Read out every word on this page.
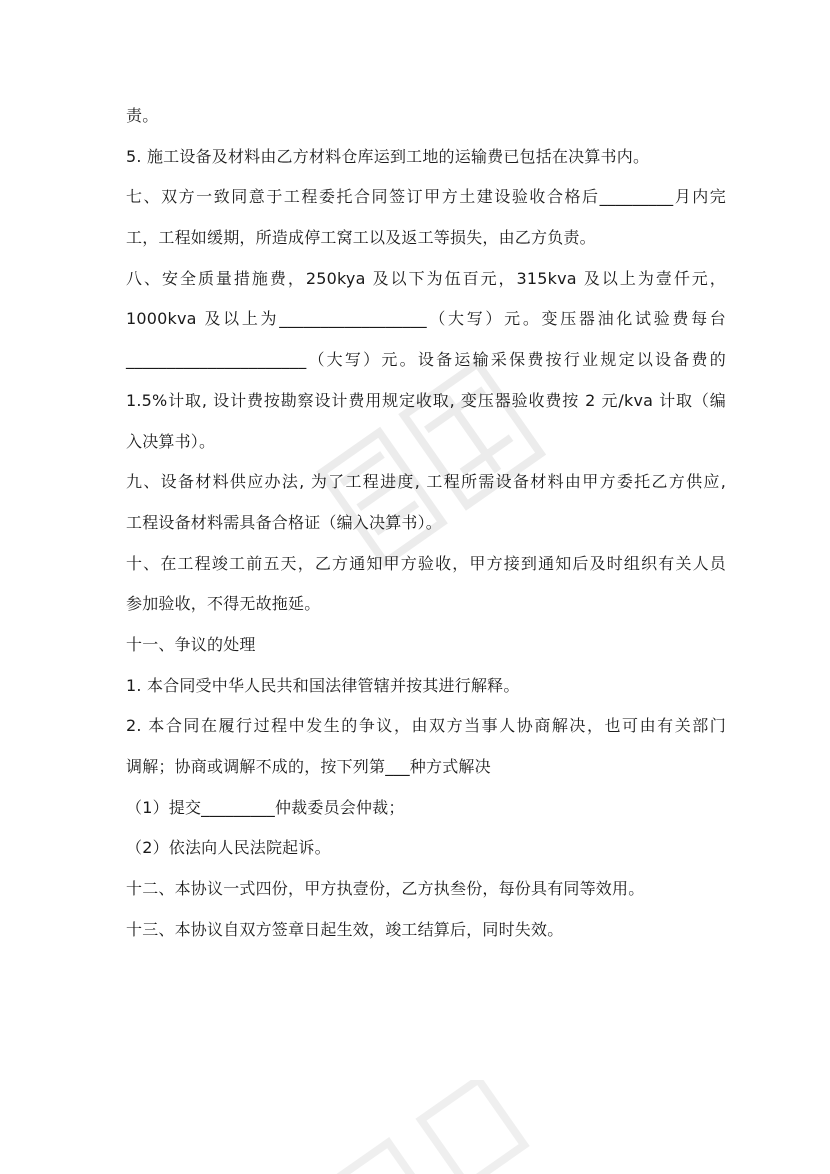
责。
5. 施工设备及材料由乙方材料仓库运到工地的运输费已包括在决算书内。
七、双方一致同意于工程委托合同签订甲方土建设验收合格后_________月内完
工，工程如缓期，所造成停工窝工以及返工等损失，由乙方负责。
八、安全质量措施费，250kya 及以下为伍百元，315kva 及以上为壹仟元，
1000kva 及以上为__________________（大写）元。变压器油化试验费每台
______________________（大写）元。设备运输采保费按行业规定以设备费的
1.5%计取, 设计费按勘察设计费用规定收取, 变压器验收费按 2 元/kva 计取（编
入决算书）。
九、设备材料供应办法, 为了工程进度, 工程所需设备材料由甲方委托乙方供应,
工程设备材料需具备合格证（编入决算书）。
十、在工程竣工前五天，乙方通知甲方验收，甲方接到通知后及时组织有关人员
参加验收，不得无故拖延。
十一、争议的处理
1. 本合同受中华人民共和国法律管辖并按其进行解释。
2. 本合同在履行过程中发生的争议，由双方当事人协商解决，也可由有关部门
调解；协商或调解不成的，按下列第___种方式解决
（1）提交_________仲裁委员会仲裁；
（2）依法向人民法院起诉。
十二、本协议一式四份，甲方执壹份，乙方执叁份，每份具有同等效用。
十三、本协议自双方签章日起生效，竣工结算后，同时失效。
